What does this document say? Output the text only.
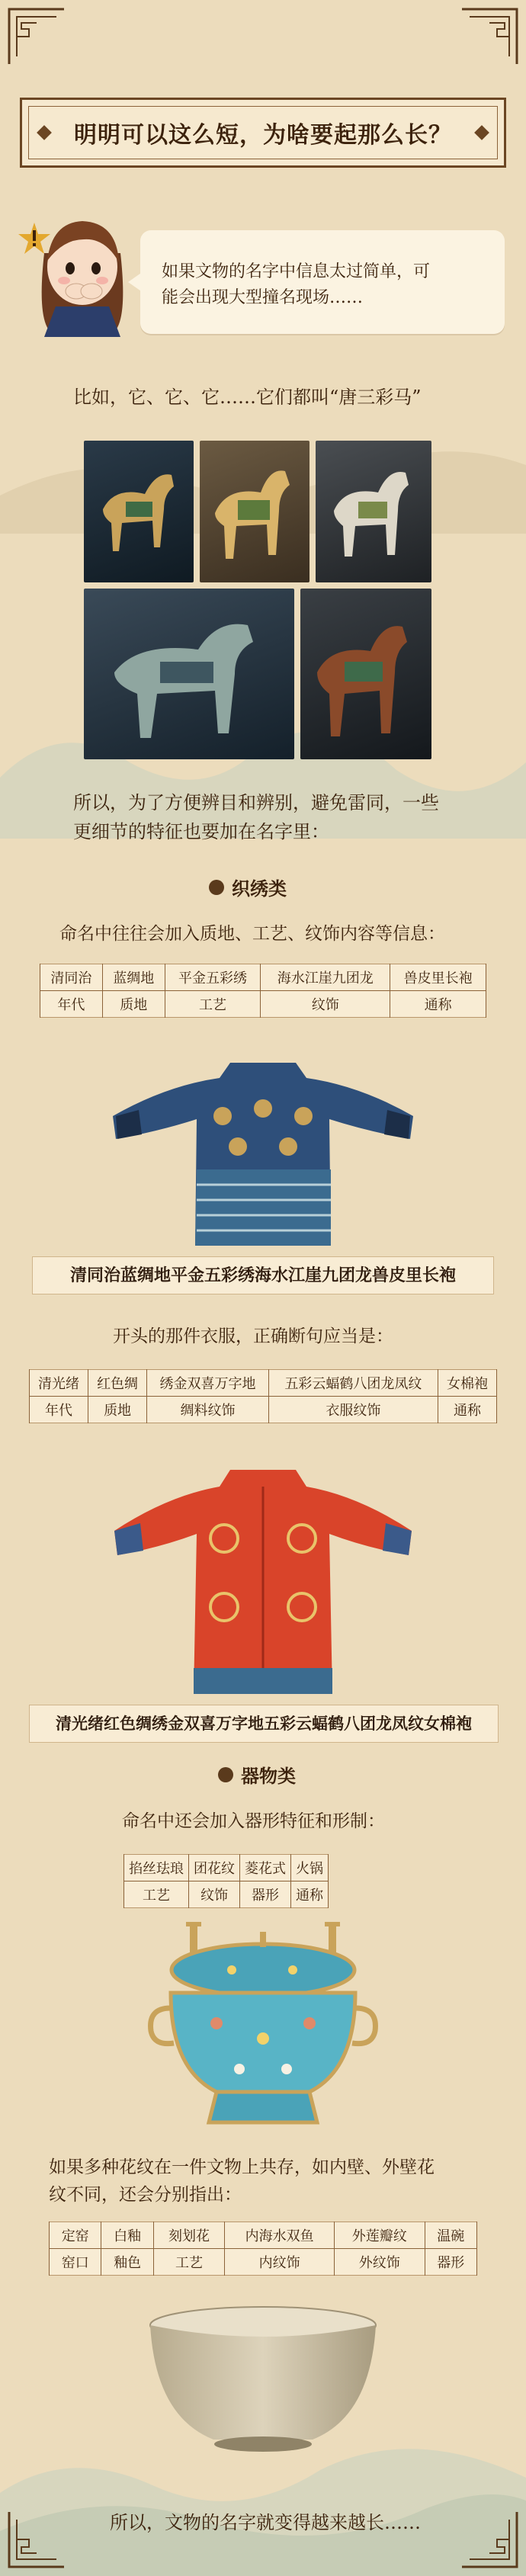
明明可以这么短，为啥要起那么长？
如果文物的名字中信息太过简单，可
能会出现大型撞名现场……
比如，它、它、它……它们都叫“唐三彩马”
所以，为了方便辨目和辨别，避免雷同，一些
更细节的特征也要加在名字里：
织绣类
命名中往往会加入质地、工艺、纹饰内容等信息：
清同治	蓝绸地	平金五彩绣	海水江崖九团龙	兽皮里长袍
年代	质地	工艺	纹饰	通称
清同治蓝绸地平金五彩绣海水江崖九团龙兽皮里长袍
开头的那件衣服，正确断句应当是：
清光绪	红色绸	绣金双喜万字地	五彩云蝠鹤八团龙凤纹	女棉袍
年代	质地	绸料纹饰	衣服纹饰	通称
清光绪红色绸绣金双喜万字地五彩云蝠鹤八团龙凤纹女棉袍
器物类
命名中还会加入器形特征和形制：
掐丝珐琅	团花纹	菱花式	火锅
工艺	纹饰	器形	通称
如果多种花纹在一件文物上共存，如内壁、外壁花
纹不同，还会分别指出：
定窑	白釉	刻划花	内海水双鱼	外莲瓣纹	温碗
窑口	釉色	工艺	内纹饰	外纹饰	器形
所以，文物的名字就变得越来越长……
